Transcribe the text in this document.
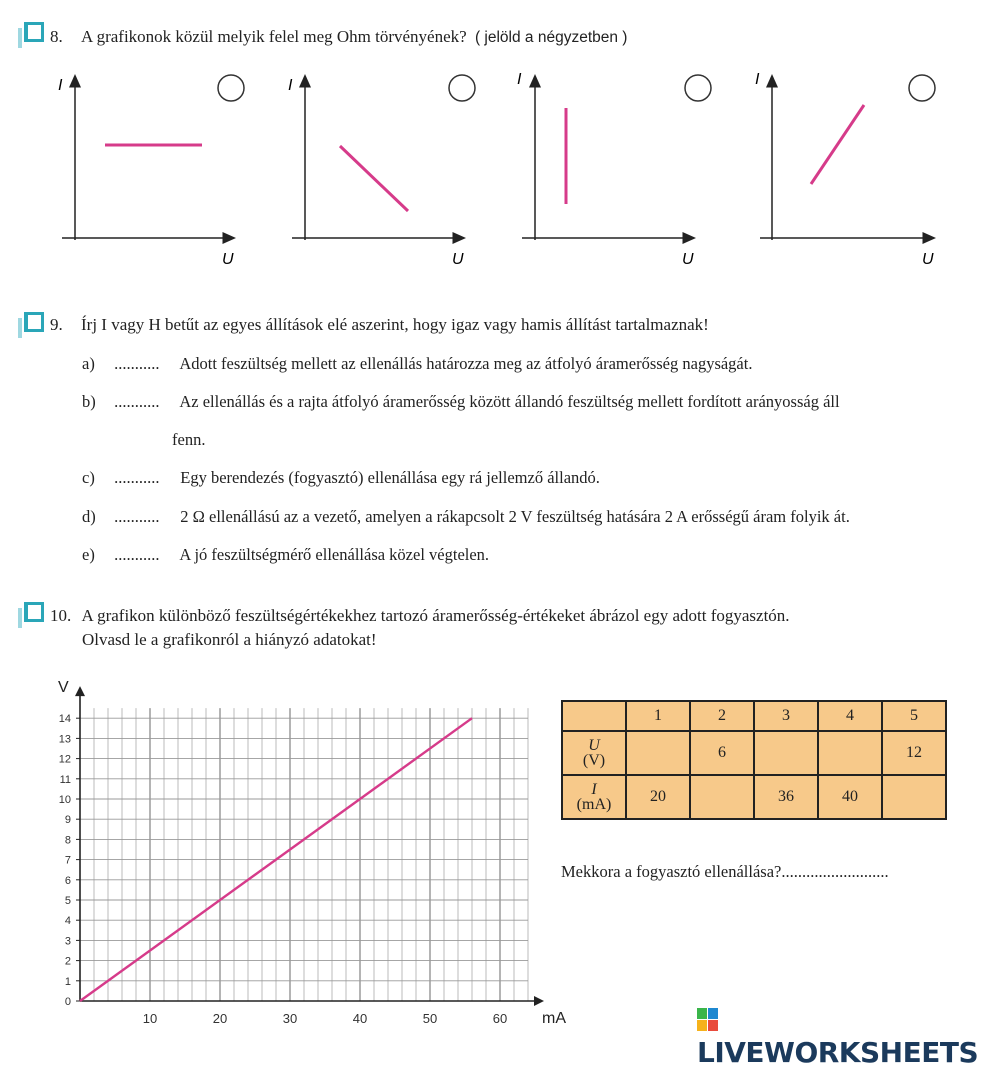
8. A grafikonok közül melyik felel meg Ohm törvényének? ( jelöld a négyzetben )
I
U
I
U
I
U
I
U
9. Írj I vagy H betűt az egyes állítások elé aszerint, hogy igaz vagy hamis állítást tartalmaznak!
a) ........... Adott feszültség mellett az ellenállás határozza meg az átfolyó áramerősség nagyságát.
b) ........... Az ellenállás és a rajta átfolyó áramerősség között állandó feszültség mellett fordított arányosság áll
fenn.
c) ........... Egy berendezés (fogyasztó) ellenállása egy rá jellemző állandó.
d) ........... 2 Ω ellenállású az a vezető, amelyen a rákapcsolt 2 V feszültség hatására 2 A erősségű áram folyik át.
e) ........... A jó feszültségmérő ellenállása közel végtelen.
10. A grafikon különböző feszültségértékekhez tartozó áramerősség-értékeket ábrázol egy adott fogyasztón.
Olvasd le a grafikonról a hiányzó adatokat!
0
1
2
3
4
5
6
7
8
9
10
11
12
13
14
10	20	30	40	50	60
V
mA
	1	2	3	4	5
U
(V)		6			12
I
(mA)	20		36	40	
Mekkora a fogyasztó ellenállása?..........................
LIVEWORKSHEETS
